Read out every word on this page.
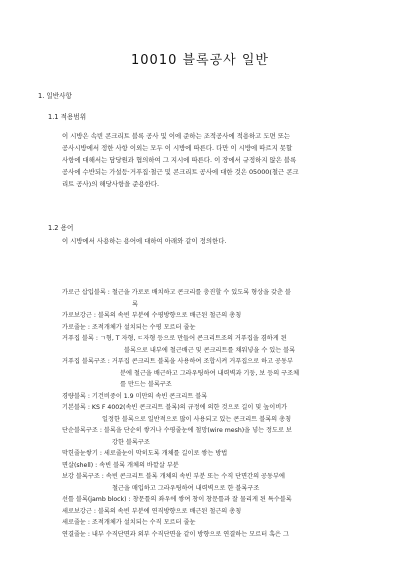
10010 블록공사 일반
1. 일반사항
1.1 적용범위
이 시방은 속빈 콘크리트 블록 공사 및 이에 준하는 조적공사에 적용하고 도면 또는
공사시방에서 정한 사항 이외는 모두 이 시방에 따른다. 다만 이 시방에 따르지 못할
사항에 대해서는 담당원과 협의하여 그 지시에 따른다. 이 장에서 규정하지 않은 블록
공사에 수반되는 가설등·거푸집·철근 및 콘크리트 공사에 대한 것은 05000(철근 콘크
리트 공사)의 해당사항을 준용한다.
1.2 용어
이 시방에서 사용하는 용어에 대하여 아래와 같이 정의한다.

가로근 삽입블록 : 철근을 가로로 배치하고 콘크리를 충진할 수 있도록 형상을 갖춘 블
록

가로보강근 : 블록의 속빈 부분에 수평방향으로 배근된 철근의 총칭

가로줄눈 : 조적개체가 설치되는 수평 모르터 줄눈

거푸집 블록 : ㄱ형, T 자형, ㄷ자형 등으로 만들어 콘크리트조의 거푸집을 겸하게 된
블록으로 내부에 철근배근 및 콘크리트를 채워넣을 수 있는 블록

거푸집 블록구조 : 거푸집 콘크리트 블록을 사용하여 조합시켜 거푸집으로 하고 공동부
분에 철근을 배근하고 그라우팅하여 내력벽과 기둥, 보 등의 구조체
를 만드는 블록구조

경량블록 : 기건비중이 1.9 미만의 속빈 콘크리트 블록

기본블록 : KS F 4002(속빈 콘크리트 블록)의 규정에 의한 것으로 길이 및 높이비가
일정한 블록으로 일반적으로 많이 사용되고 있는 콘크리트 블록의 총칭

단순블록구조 : 블록을 단순히 쌓거나 수평줄눈에 철망(wire mesh)을 넣는 정도로 보
강한 블록구조

막힌줄눈쌓기 : 세로줄눈이 막히도록 개체를 길이로 쌓는 방법

면살(shell) : 속빈 블록 개체의 바깥살 부분

보강 블록구조 : 속빈 콘크리트 블록 개체의 속빈 부분 또는 수직 단면간의 공동부에
철근을 매입하고 그라우팅하여 내력벽으로 한 블록구조

선틀 블록(jamb block) : 창문틀의 좌우에 쌓여 창이 창문틀과 잘 물리게 된 특수블록

세로보강근 : 블록의 속빈 부분에 연직방향으로 배근된 철근의 총칭

세로줄눈 : 조적개체가 설치되는 수직 모르터 줄눈

연결줄눈 : 내부 수직단면과 외부 수직단면을 같이 방향으로 연결하는 모르터 혹은 그
